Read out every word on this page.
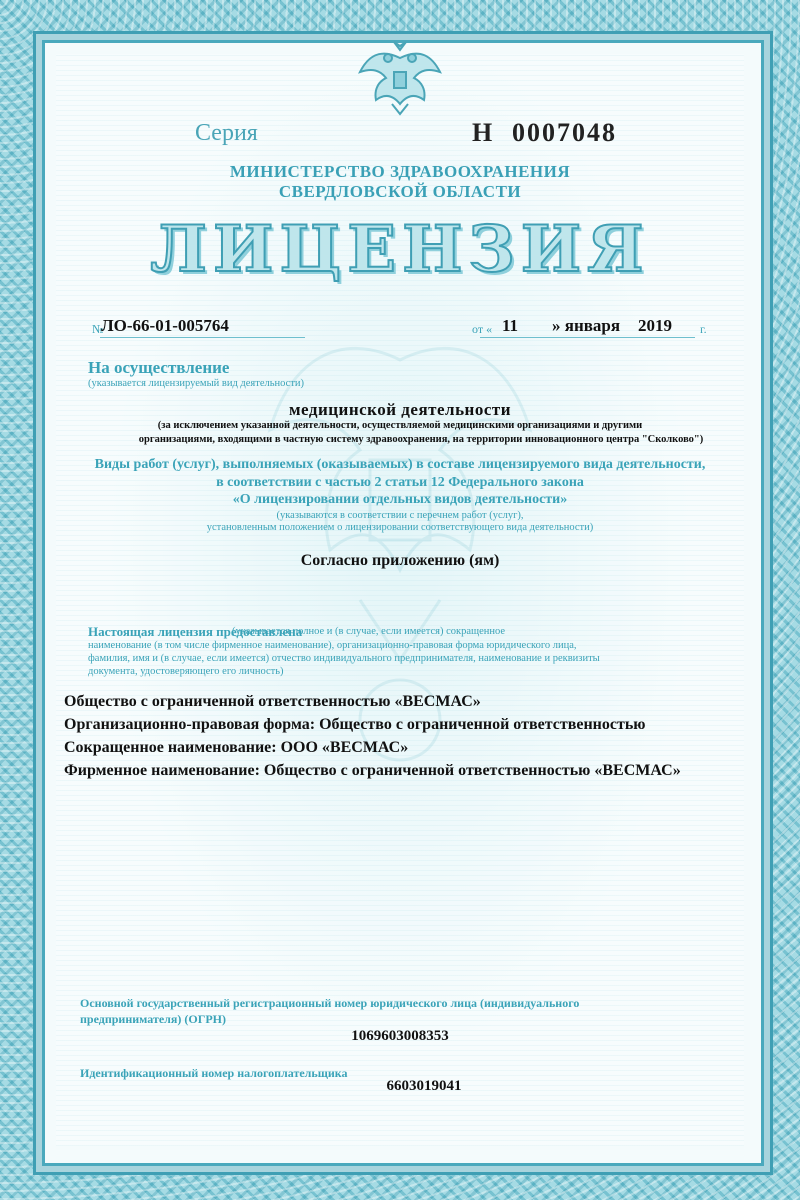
Серия	Н 0007048
МИНИСТЕРСТВО ЗДРАВООХРАНЕНИЯ
СВЕРДЛОВСКОЙ ОБЛАСТИ
ЛИЦЕНЗИЯ
№
ЛО-66-01-005764	от « 11 » января 2019 г.
На осуществление
(указывается лицензируемый вид деятельности)
медицинской деятельности
(за исключением указанной деятельности, осуществляемой медицинскими организациями и другими
организациями, входящими в частную систему здравоохранения, на территории инновационного центра "Сколково")
Виды работ (услуг), выполняемых (оказываемых) в составе лицензируемого вида деятельности,
в соответствии с частью 2 статьи 12 Федерального закона
«О лицензировании отдельных видов деятельности»
(указываются в соответствии с перечнем работ (услуг),
установленным положением о лицензировании соответствующего вида деятельности)
Согласно приложению (ям)
Настоящая лицензия предоставлена
(указывается полное и (в случае, если имеется) сокращенное
наименование (в том числе фирменное наименование), организационно-правовая форма юридического лица,
фамилия, имя и (в случае, если имеется) отчество индивидуального предпринимателя, наименование и реквизиты
документа, удостоверяющего его личность)
Общество с ограниченной ответственностью «ВЕСМАС»
Организационно-правовая форма: Общество с ограниченной ответственностью
Сокращенное наименование: ООО «ВЕСМАС»
Фирменное наименование: Общество с ограниченной ответственностью «ВЕСМАС»
Основной государственный регистрационный номер юридического лица (индивидуального
предпринимателя) (ОГРН)
1069603008353
Идентификационный номер налогоплательщика
6603019041
